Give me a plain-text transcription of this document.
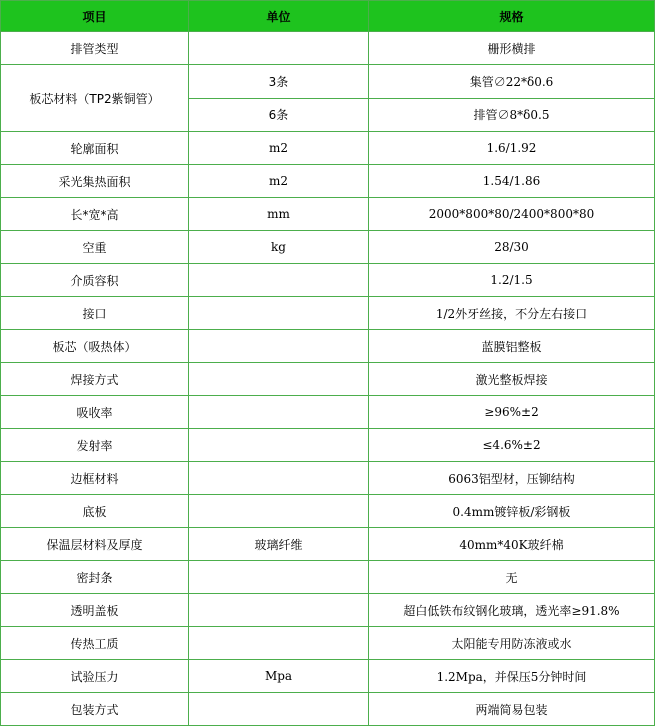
项目	单位	规格
排管类型		栅形横排
板芯材料（TP2紫铜管）	3条	集管∅22*δ0.6
	6条	排管∅8*δ0.5
轮廓面积	m2	1.6/1.92
采光集热面积	m2	1.54/1.86
长*宽*高	mm	2000*800*80/2400*800*80
空重	kg	28/30
介质容积		1.2/1.5
接口		1/2外牙丝接，不分左右接口
板芯（吸热体）		蓝膜铝整板
焊接方式		激光整板焊接
吸收率		≥96%±2
发射率		≤4.6%±2
边框材料		6063铝型材，压铆结构
底板		0.4mm镀锌板/彩钢板
保温层材料及厚度	玻璃纤维	40mm*40K玻纤棉
密封条		无
透明盖板		超白低铁布纹钢化玻璃，透光率≥91.8%
传热工质		太阳能专用防冻液或水
试验压力	Mpa	1.2Mpa，并保压5分钟时间
包装方式		两端简易包装
